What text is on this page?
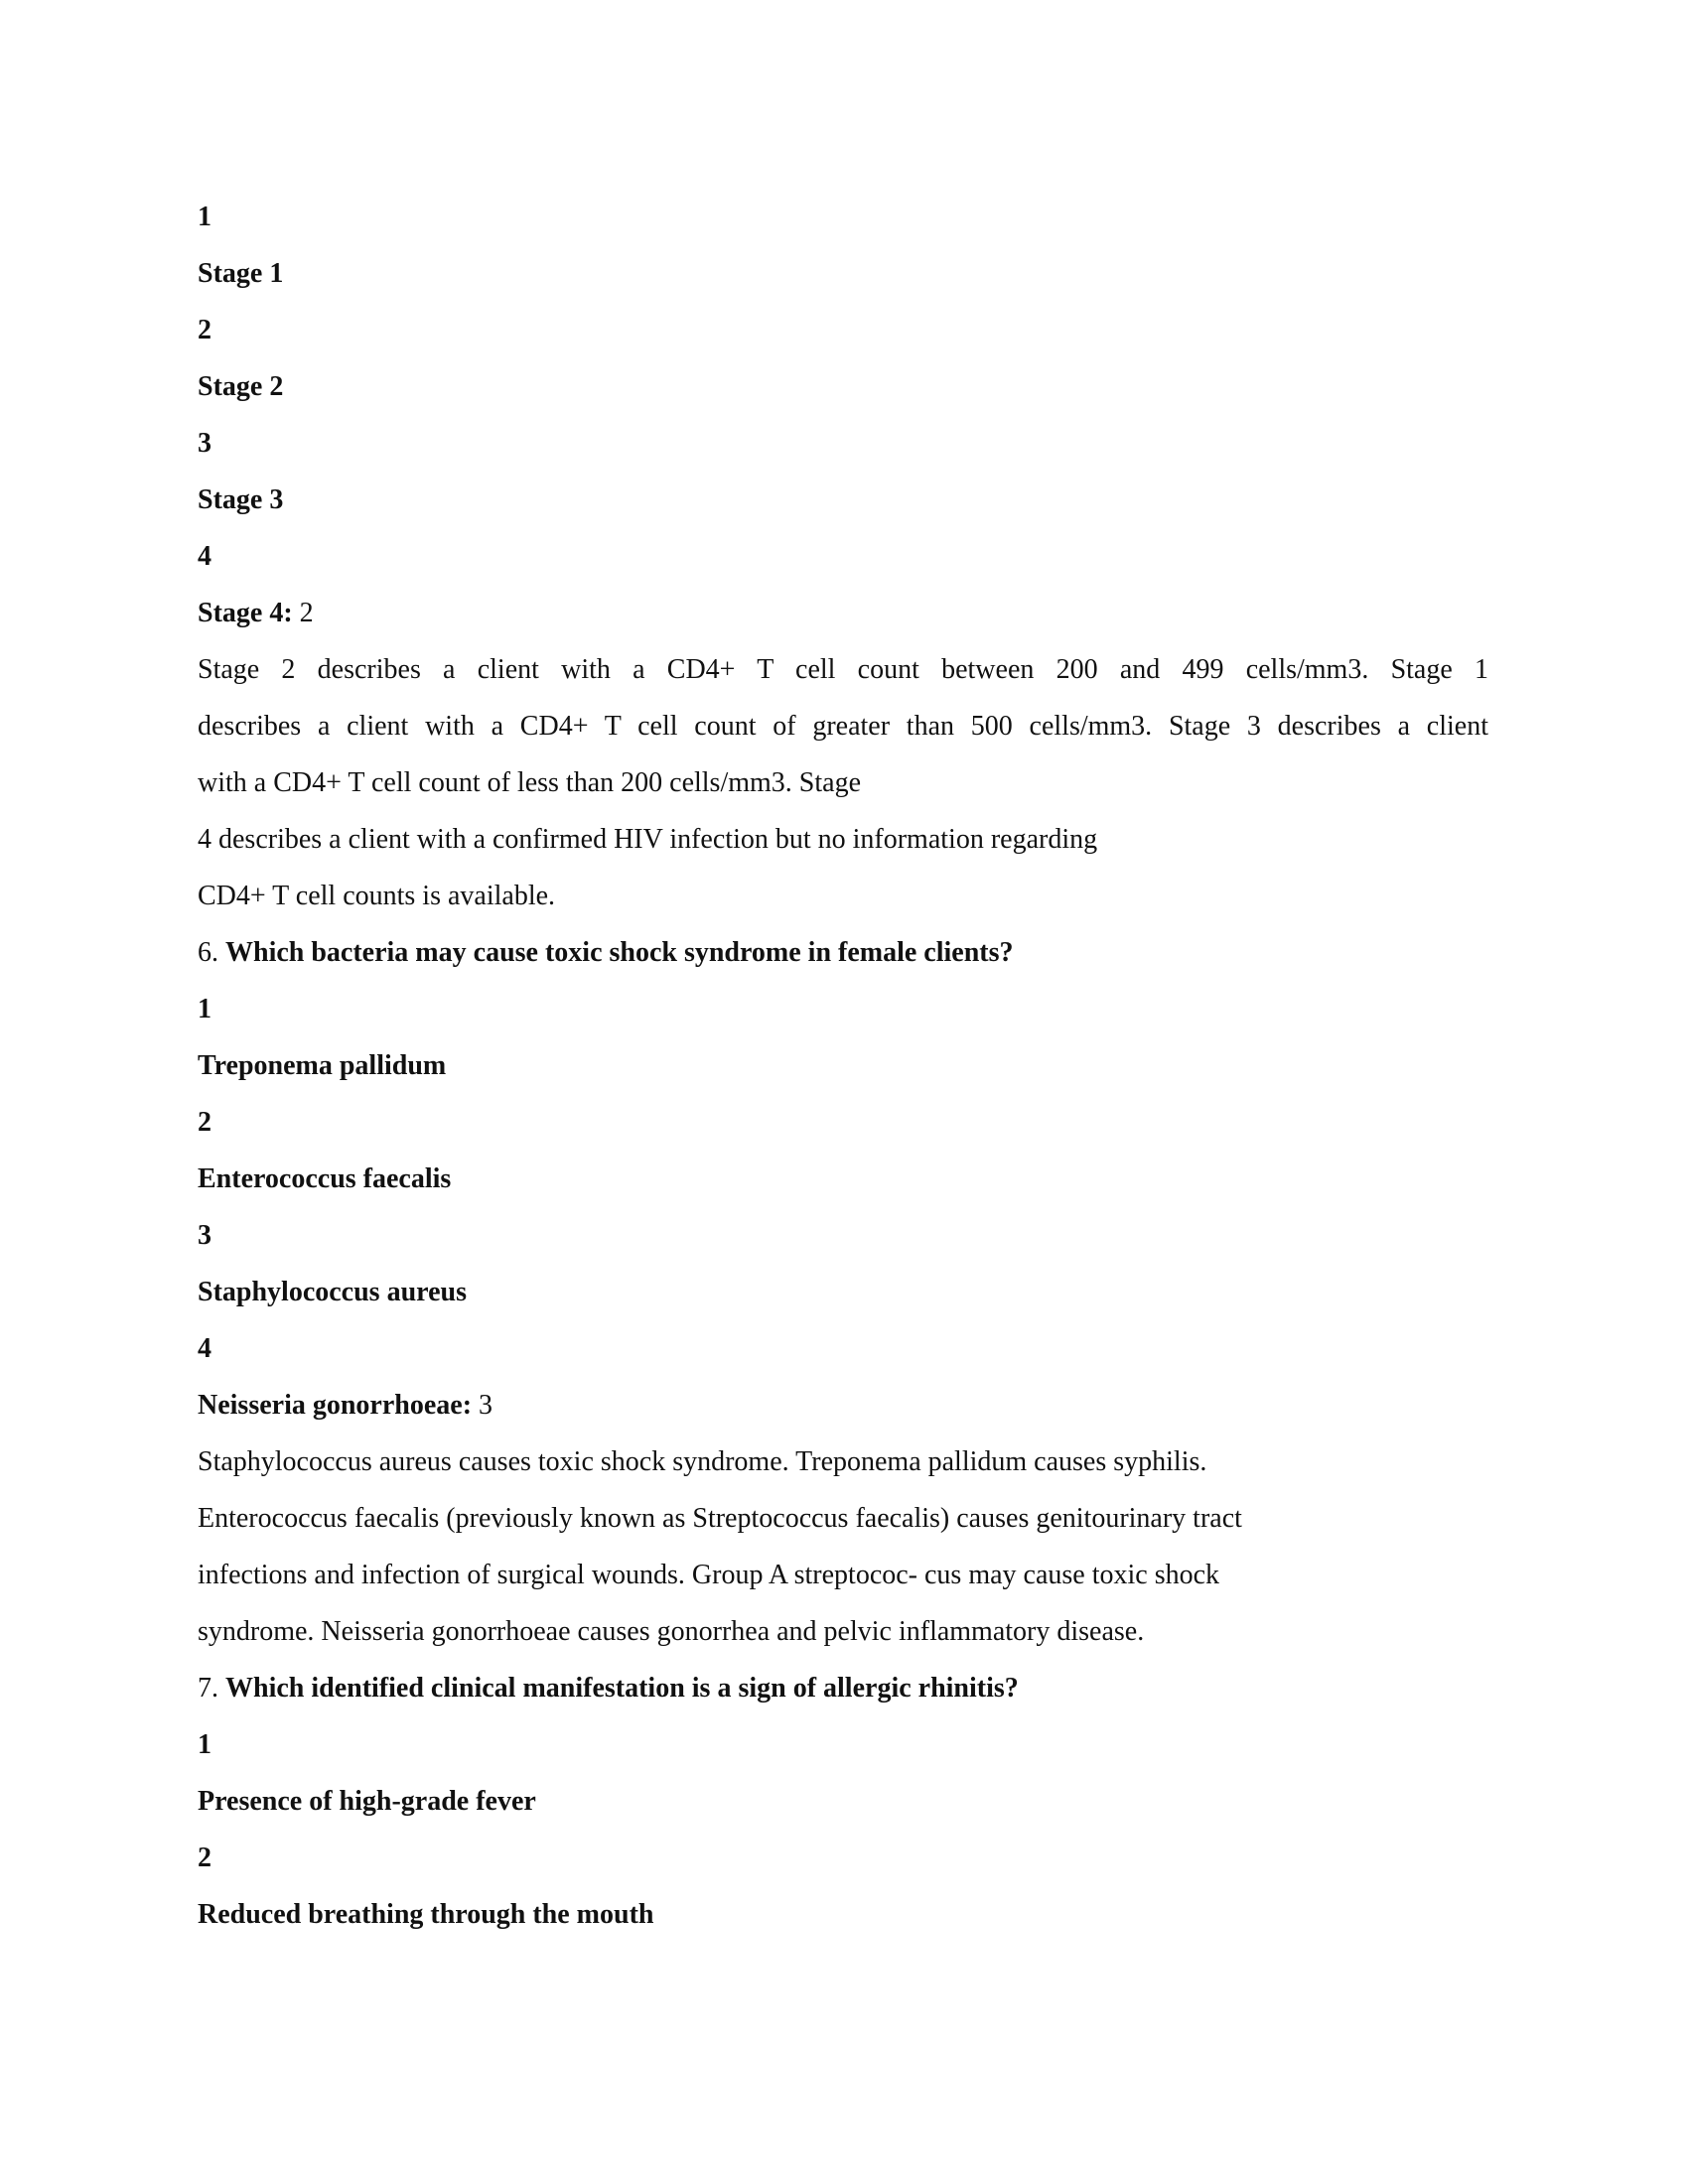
1
Stage 1
2
Stage 2
3
Stage 3
4
Stage 4: 2
Stage 2 describes a client with a CD4+ T cell count between 200 and 499 cells/mm3. Stage 1
describes a client with a CD4+ T cell count of greater than 500 cells/mm3. Stage 3 describes a client
with a CD4+ T cell count of less than 200 cells/mm3. Stage
4 describes a client with a confirmed HIV infection but no information regarding
CD4+ T cell counts is available.
6. Which bacteria may cause toxic shock syndrome in female clients?
1
Treponema pallidum
2
Enterococcus faecalis
3
Staphylococcus aureus
4
Neisseria gonorrhoeae: 3
Staphylococcus aureus causes toxic shock syndrome. Treponema pallidum causes syphilis.
Enterococcus faecalis (previously known as Streptococcus faecalis) causes genitourinary tract
infections and infection of surgical wounds. Group A streptococ- cus may cause toxic shock
syndrome. Neisseria gonorrhoeae causes gonorrhea and pelvic inflammatory disease.
7. Which identified clinical manifestation is a sign of allergic rhinitis?
1
Presence of high-grade fever
2
Reduced breathing through the mouth
